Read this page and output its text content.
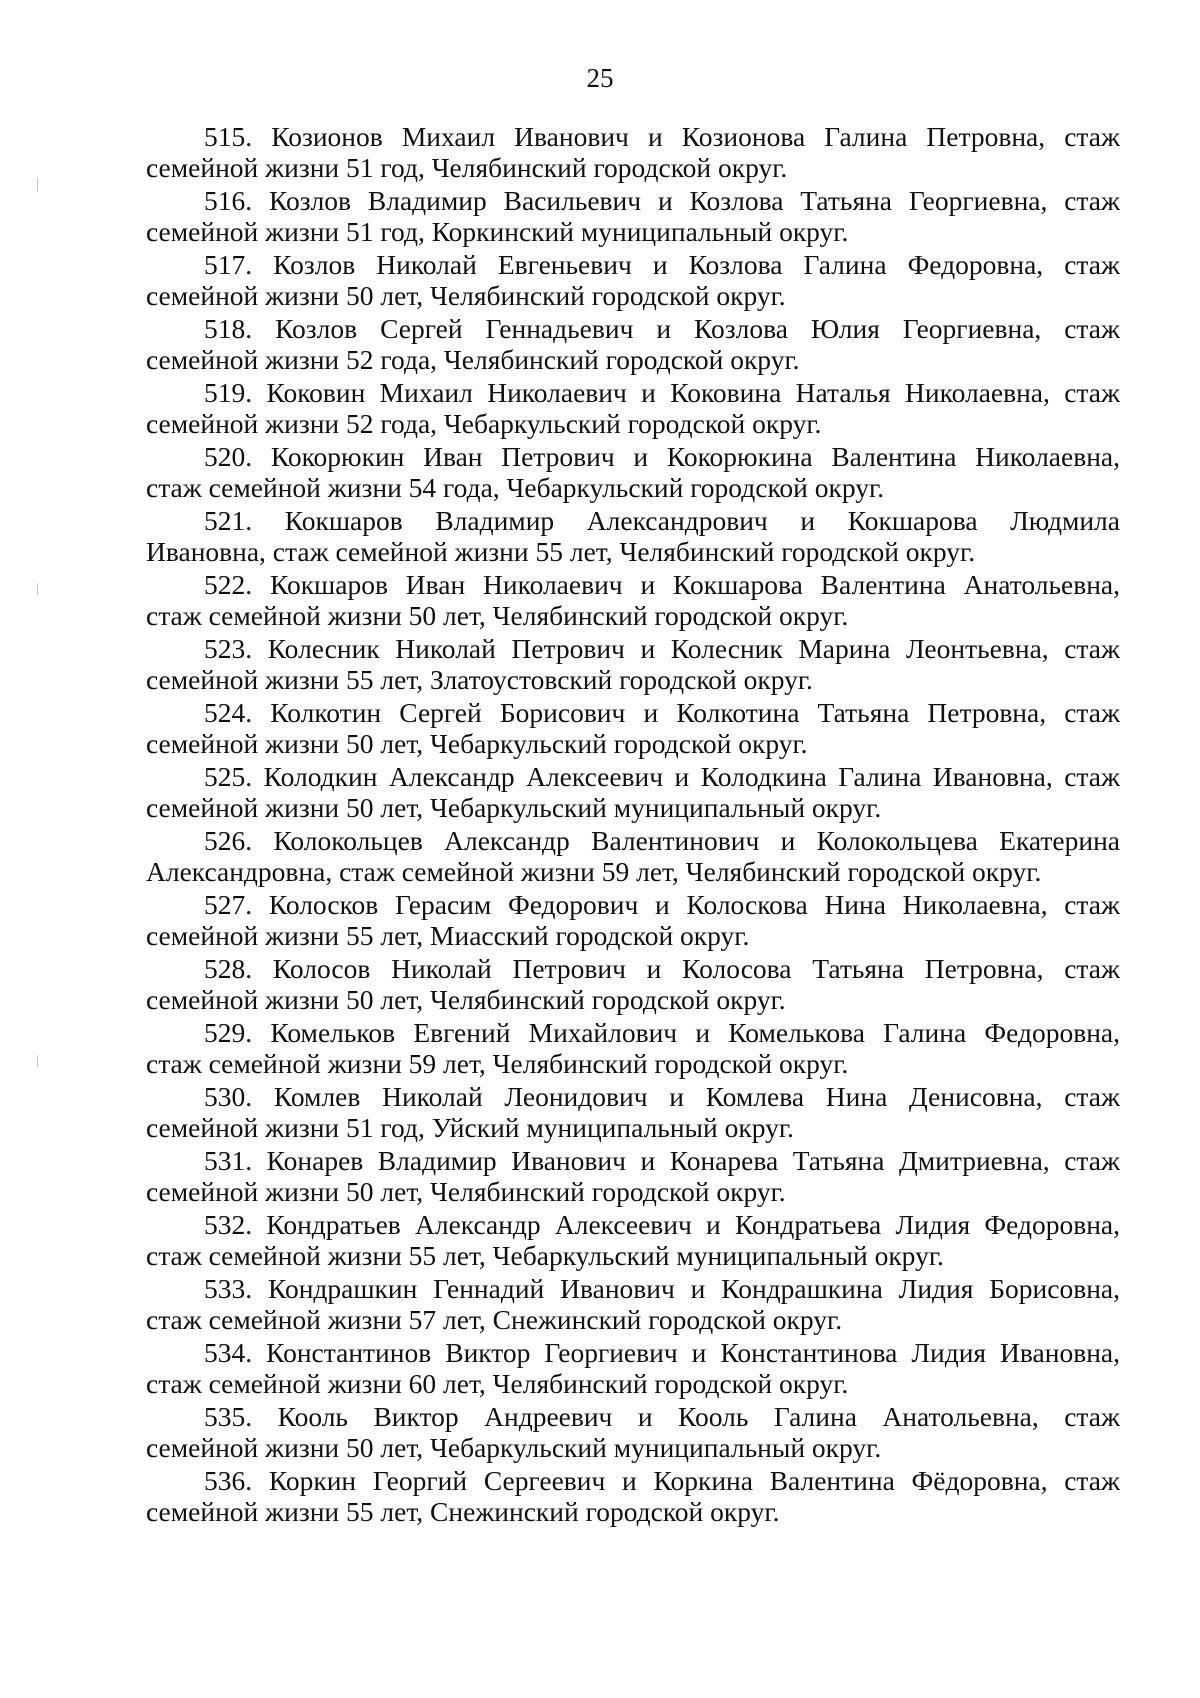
25

515. Козионов Михаил Иванович и Козионова Галина Петровна, стаж
семейной жизни 51 год, Челябинский городской округ.

516. Козлов Владимир Васильевич и Козлова Татьяна Георгиевна, стаж
семейной жизни 51 год, Коркинский муниципальный округ.

517. Козлов Николай Евгеньевич и Козлова Галина Федоровна, стаж
семейной жизни 50 лет, Челябинский городской округ.

518. Козлов Сергей Геннадьевич и Козлова Юлия Георгиевна, стаж
семейной жизни 52 года, Челябинский городской округ.

519. Коковин Михаил Николаевич и Коковина Наталья Николаевна, стаж
семейной жизни 52 года, Чебаркульский городской округ.

520. Кокорюкин Иван Петрович и Кокорюкина Валентина Николаевна,
стаж семейной жизни 54 года, Чебаркульский городской округ.

521. Кокшаров Владимир Александрович и Кокшарова Людмила
Ивановна, стаж семейной жизни 55 лет, Челябинский городской округ.

522. Кокшаров Иван Николаевич и Кокшарова Валентина Анатольевна,
стаж семейной жизни 50 лет, Челябинский городской округ.

523. Колесник Николай Петрович и Колесник Марина Леонтьевна, стаж
семейной жизни 55 лет, Златоустовский городской округ.

524. Колкотин Сергей Борисович и Колкотина Татьяна Петровна, стаж
семейной жизни 50 лет, Чебаркульский городской округ.

525. Колодкин Александр Алексеевич и Колодкина Галина Ивановна, стаж
семейной жизни 50 лет, Чебаркульский муниципальный округ.

526. Колокольцев Александр Валентинович и Колокольцева Екатерина
Александровна, стаж семейной жизни 59 лет, Челябинский городской округ.

527. Колосков Герасим Федорович и Колоскова Нина Николаевна, стаж
семейной жизни 55 лет, Миасский городской округ.

528. Колосов Николай Петрович и Колосова Татьяна Петровна, стаж
семейной жизни 50 лет, Челябинский городской округ.

529. Комельков Евгений Михайлович и Комелькова Галина Федоровна,
стаж семейной жизни 59 лет, Челябинский городской округ.

530. Комлев Николай Леонидович и Комлева Нина Денисовна, стаж
семейной жизни 51 год, Уйский муниципальный округ.

531. Конарев Владимир Иванович и Конарева Татьяна Дмитриевна, стаж
семейной жизни 50 лет, Челябинский городской округ.

532. Кондратьев Александр Алексеевич и Кондратьева Лидия Федоровна,
стаж семейной жизни 55 лет, Чебаркульский муниципальный округ.

533. Кондрашкин Геннадий Иванович и Кондрашкина Лидия Борисовна,
стаж семейной жизни 57 лет, Снежинский городской округ.

534. Константинов Виктор Георгиевич и Константинова Лидия Ивановна,
стаж семейной жизни 60 лет, Челябинский городской округ.

535. Кооль Виктор Андреевич и Кооль Галина Анатольевна, стаж
семейной жизни 50 лет, Чебаркульский муниципальный округ.

536. Коркин Георгий Сергеевич и Коркина Валентина Фёдоровна, стаж
семейной жизни 55 лет, Снежинский городской округ.
